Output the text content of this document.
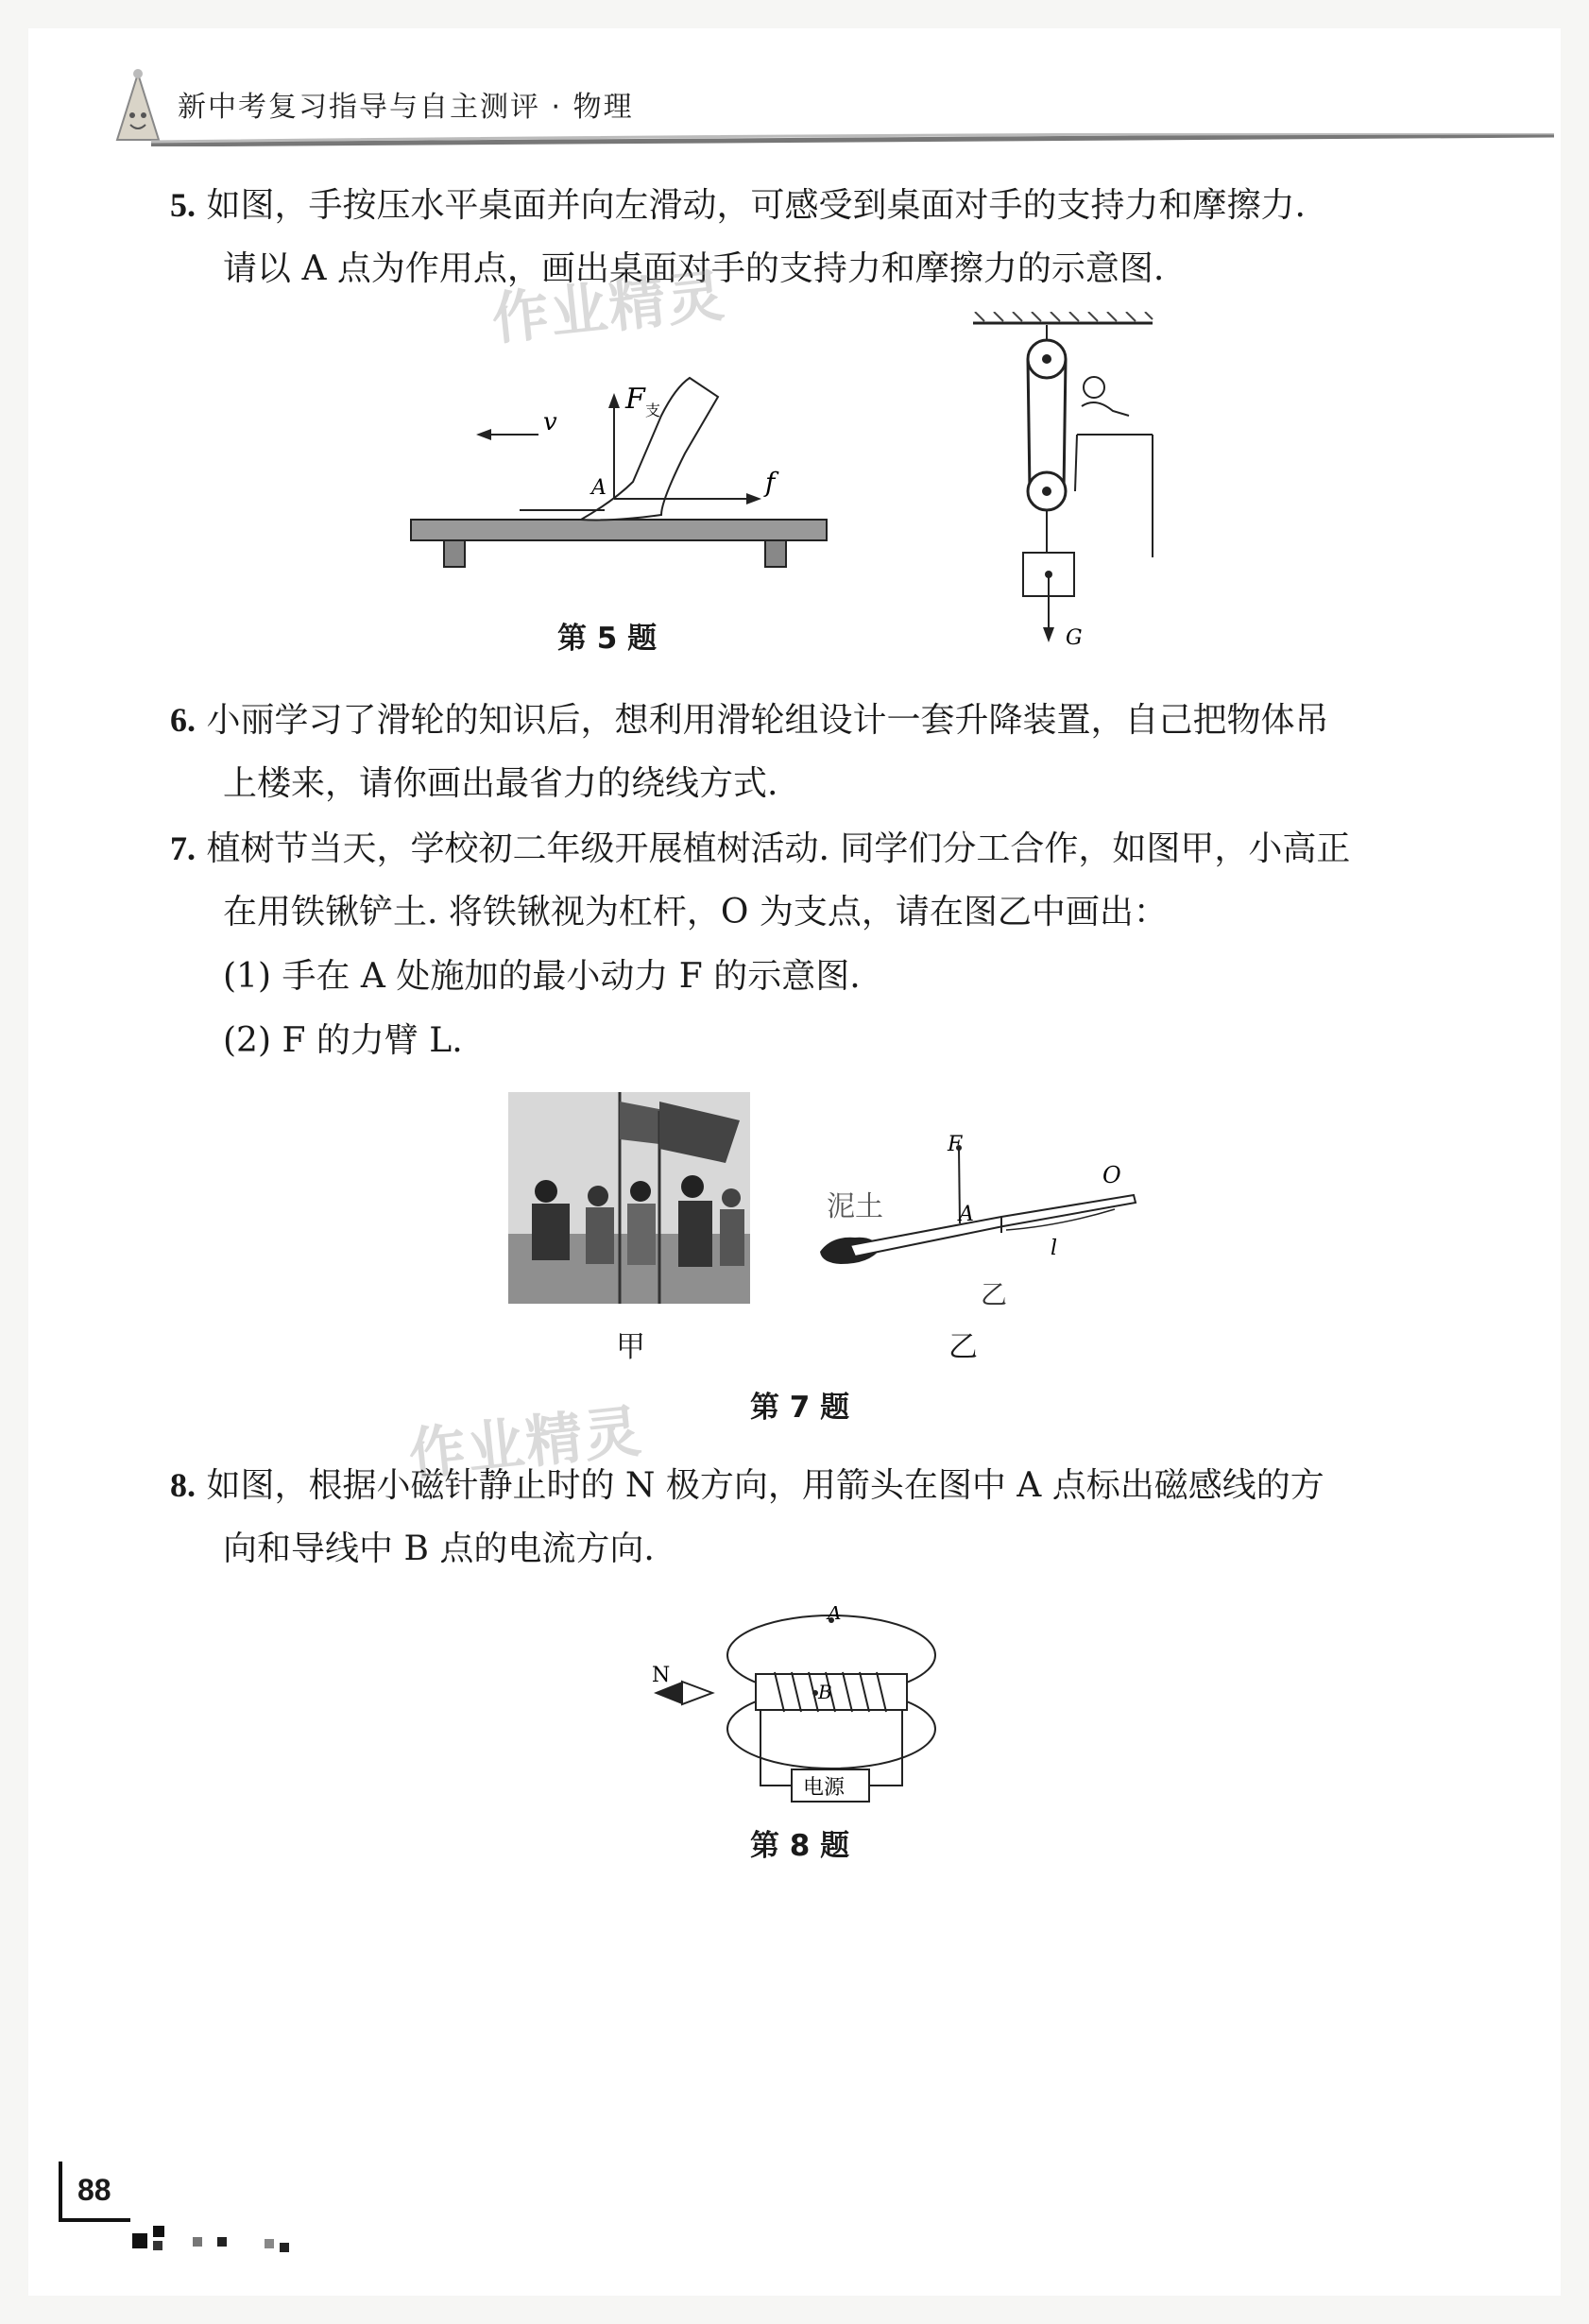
新中考复习指导与自主测评 · 物理
5. 如图，手按压水平桌面并向左滑动，可感受到桌面对手的支持力和摩擦力.
请以 A 点为作用点，画出桌面对手的支持力和摩擦力的示意图.
作业精灵
v
F 支
A	f
第 5 题	G
6. 小丽学习了滑轮的知识后，想利用滑轮组设计一套升降装置，自己把物体吊
上楼来，请你画出最省力的绕线方式.
7. 植树节当天，学校初二年级开展植树活动. 同学们分工合作，如图甲，小高正
在用铁锹铲土. 将铁锹视为杠杆，O 为支点，请在图乙中画出：
(1) 手在 A 处施加的最小动力 F 的示意图.
(2) F 的力臂 L.
甲
泥土
F
A
O
l
乙
乙
第 7 题
作业精灵
8. 如图，根据小磁针静止时的 N 极方向，用箭头在图中 A 点标出磁感线的方
向和导线中 B 点的电流方向.
A
B
N
电源
第 8 题
88
